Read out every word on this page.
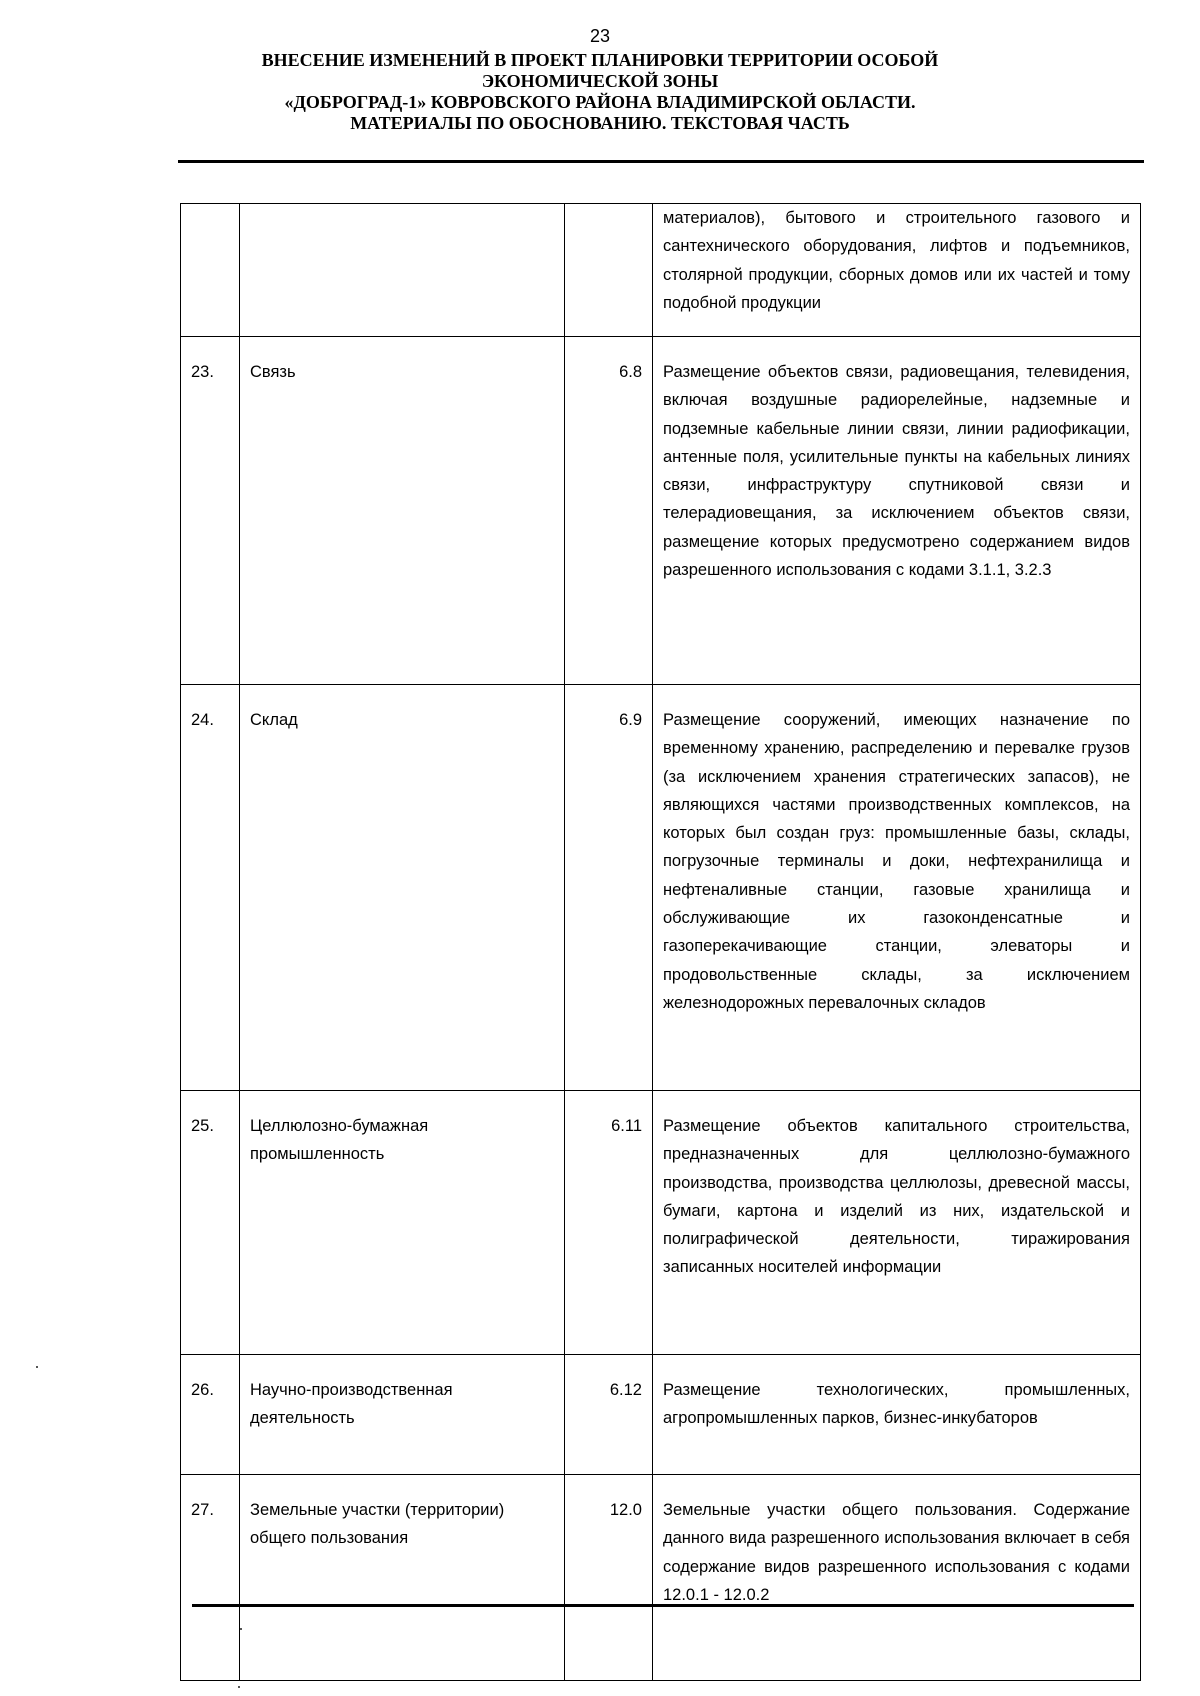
23
ВНЕСЕНИЕ ИЗМЕНЕНИЙ В ПРОЕКТ ПЛАНИРОВКИ ТЕРРИТОРИИ ОСОБОЙ
ЭКОНОМИЧЕСКОЙ ЗОНЫ
«ДОБРОГРАД-1» КОВРОВСКОГО РАЙОНА ВЛАДИМИРСКОЙ ОБЛАСТИ.
МАТЕРИАЛЫ ПО ОБОСНОВАНИЮ. ТЕКСТОВАЯ ЧАСТЬ
			материалов), бытового и строительного газового и сантехнического оборудования, лифтов и подъемников, столярной продукции, сборных домов или их частей и тому подобной продукции
23.	Связь	6.8	Размещение объектов связи, радиовещания, телевидения, включая воздушные радиорелейные, надземные и подземные кабельные линии связи, линии радиофикации, антенные поля, усилительные пункты на кабельных линиях связи, инфраструктуру спутниковой связи и телерадиовещания, за исключением объектов связи, размещение которых предусмотрено содержанием видов разрешенного использования с кодами 3.1.1, 3.2.3
24.	Склад	6.9	Размещение сооружений, имеющих назначение по временному хранению, распределению и перевалке грузов (за исключением хранения стратегических запасов), не являющихся частями производственных комплексов, на которых был создан груз: промышленные базы, склады, погрузочные терминалы и доки, нефтехранилища и нефтеналивные станции, газовые хранилища и обслуживающие их газоконденсатные и газоперекачивающие станции, элеваторы и продовольственные склады, за исключением железнодорожных перевалочных складов
25.	Целлюлозно-бумажная промышленность	6.11	Размещение объектов капитального строительства, предназначенных для целлюлозно-бумажного производства, производства целлюлозы, древесной массы, бумаги, картона и изделий из них, издательской и полиграфической деятельности, тиражирования записанных носителей информации
26.	Научно-производственная деятельность	6.12	Размещение технологических, промышленных, агропромышленных парков, бизнес-инкубаторов
27.	Земельные участки (территории) общего пользования	12.0	Земельные участки общего пользования. Содержание данного вида разрешенного использования включает в себя содержание видов разрешенного использования с кодами 12.0.1 - 12.0.2
